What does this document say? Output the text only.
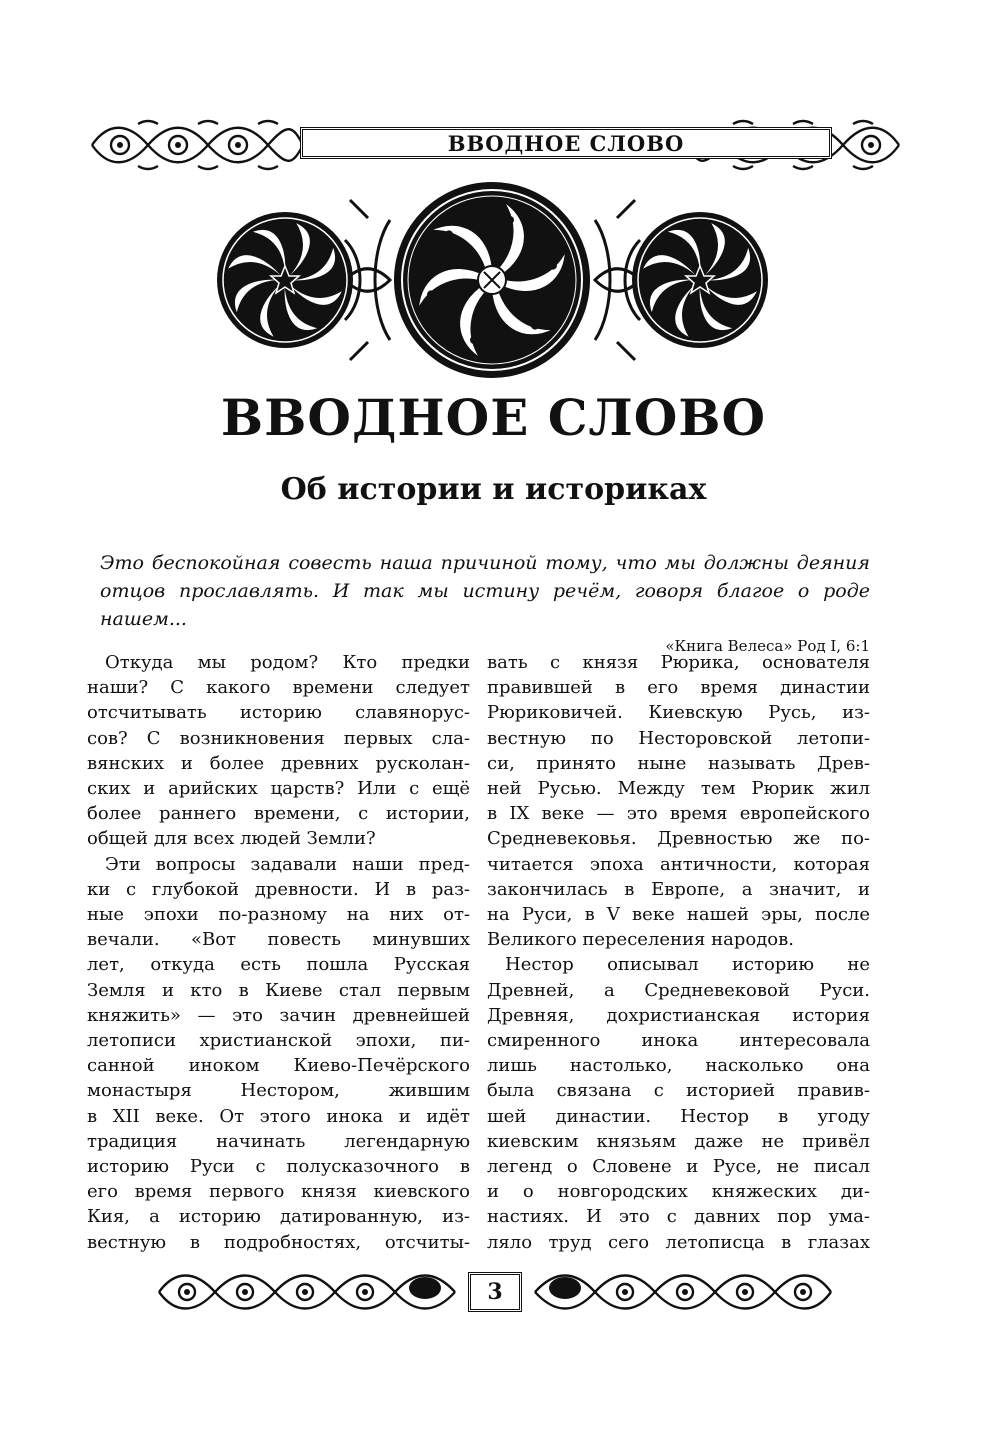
ВВОДНОЕ СЛОВО
ВВОДНОЕ СЛОВО
Об истории и историках

Это беспокойная совесть наша причиной тому, что мы должны деяния

отцов прославлять. И так мы истину речём, говоря благое о роде нашем...

«Книга Велеса» Род I, 6:1

Откуда мы родом? Кто предки

наши? С какого времени следует

отсчитывать историю славяноруc-

сов? С возникновения первых сла-

вянских и более древних русколан-

ских и арийских царств? Или с ещё

более раннего времени, с истории,

общей для всех людей Земли?

Эти вопросы задавали наши пред-

ки с глубокой древности. И в раз-

ные эпохи по-разному на них от-

вечали. «Вот повесть минувших

лет, откуда есть пошла Русская

Земля и кто в Киеве стал первым

княжить» — это зачин древнейшей

летописи христианской эпохи, пи-

санной иноком Киево-Печёрского

монастыря Нестором, жившим

в XII веке. От этого инока и идёт

традиция начинать легендарную

историю Руси с полусказочного в

его время первого князя киевского

Кия, а историю датированную, из-

вестную в подробностях, отсчиты-

вать с князя Рюрика, основателя

правившей в его время династии

Рюриковичей. Киевскую Русь, из-

вестную по Несторовской летопи-

си, принято ныне называть Древ-

ней Русью. Между тем Рюрик жил

в IX веке — это время европейского

Средневековья. Древностью же по-

читается эпоха античности, которая

закончилась в Европе, а значит, и

на Руси, в V веке нашей эры, после

Великого переселения народов.

Нестор описывал историю не

Древней, а Средневековой Руси.

Древняя, дохристианская история

смиренного инока интересовала

лишь настолько, насколько она

была связана с историей правив-

шей династии. Нестор в угоду

киевским князьям даже не привёл

легенд о Словене и Русе, не писал

и о новгородских княжеских ди-

настиях. И это с давних пор ума-

ляло труд сего летописца в глазах

3
